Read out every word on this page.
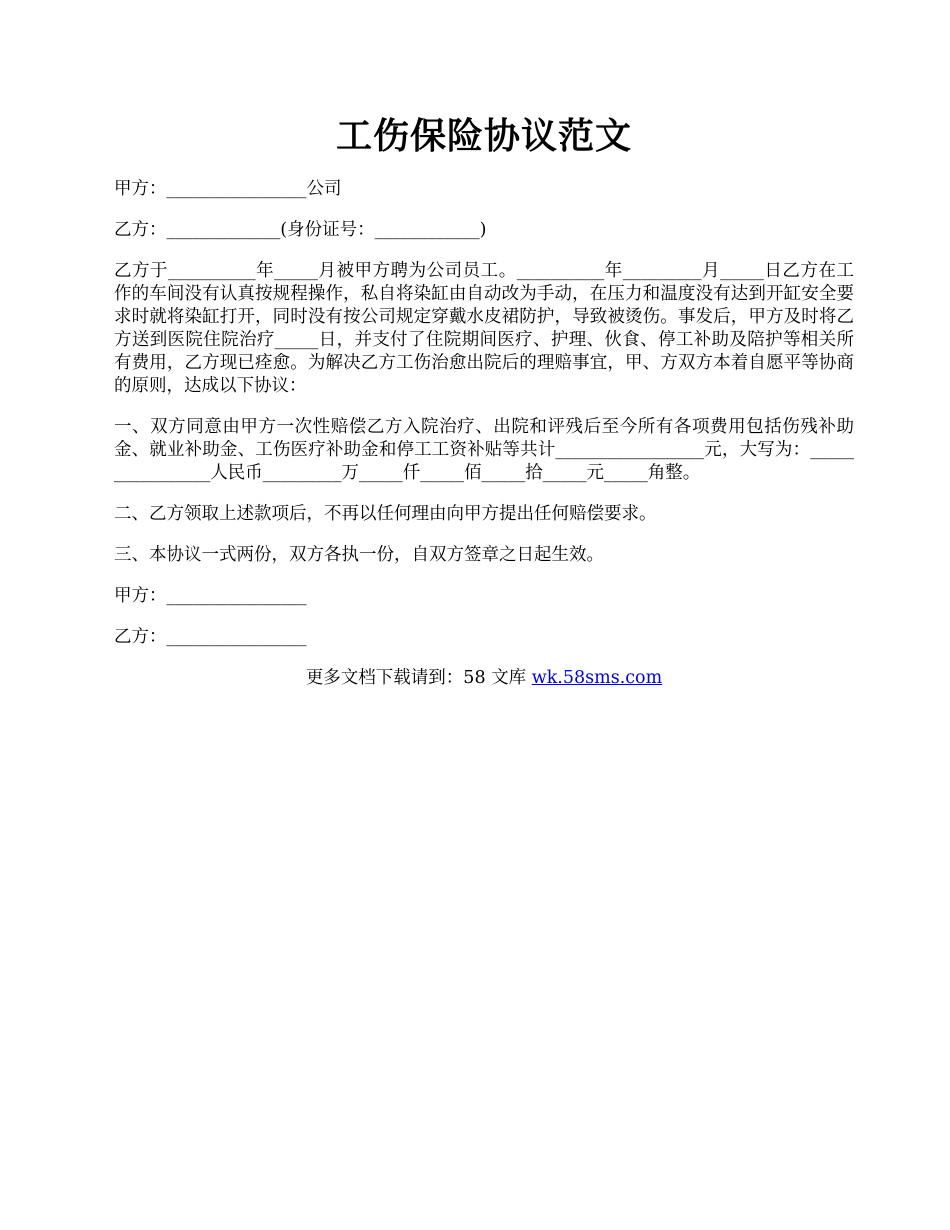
工伤保险协议范文
甲方：________________公司
乙方：_____________(身份证号：____________)
乙方于__________年_____月被甲方聘为公司员工。__________年_________月_____日乙方在工作的车间没有认真按规程操作，私自将染缸由自动改为手动，在压力和温度没有达到开缸安全要求时就将染缸打开，同时没有按公司规定穿戴水皮裙防护，导致被烫伤。事发后，甲方及时将乙方送到医院住院治疗_____日，并支付了住院期间医疗、护理、伙食、停工补助及陪护等相关所有费用，乙方现已痊愈。为解决乙方工伤治愈出院后的理赔事宜，甲、方双方本着自愿平等协商的原则，达成以下协议：
一、双方同意由甲方一次性赔偿乙方入院治疗、出院和评残后至今所有各项费用包括伤残补助金、就业补助金、工伤医疗补助金和停工工资补贴等共计_________________元，大写为：________________人民币_________万_____仟_____佰_____拾_____元_____角整。
二、乙方领取上述款项后，不再以任何理由向甲方提出任何赔偿要求。
三、本协议一式两份，双方各执一份，自双方签章之日起生效。
甲方：________________
乙方：________________
更多文档下载请到：58 文库 wk.58sms.com
